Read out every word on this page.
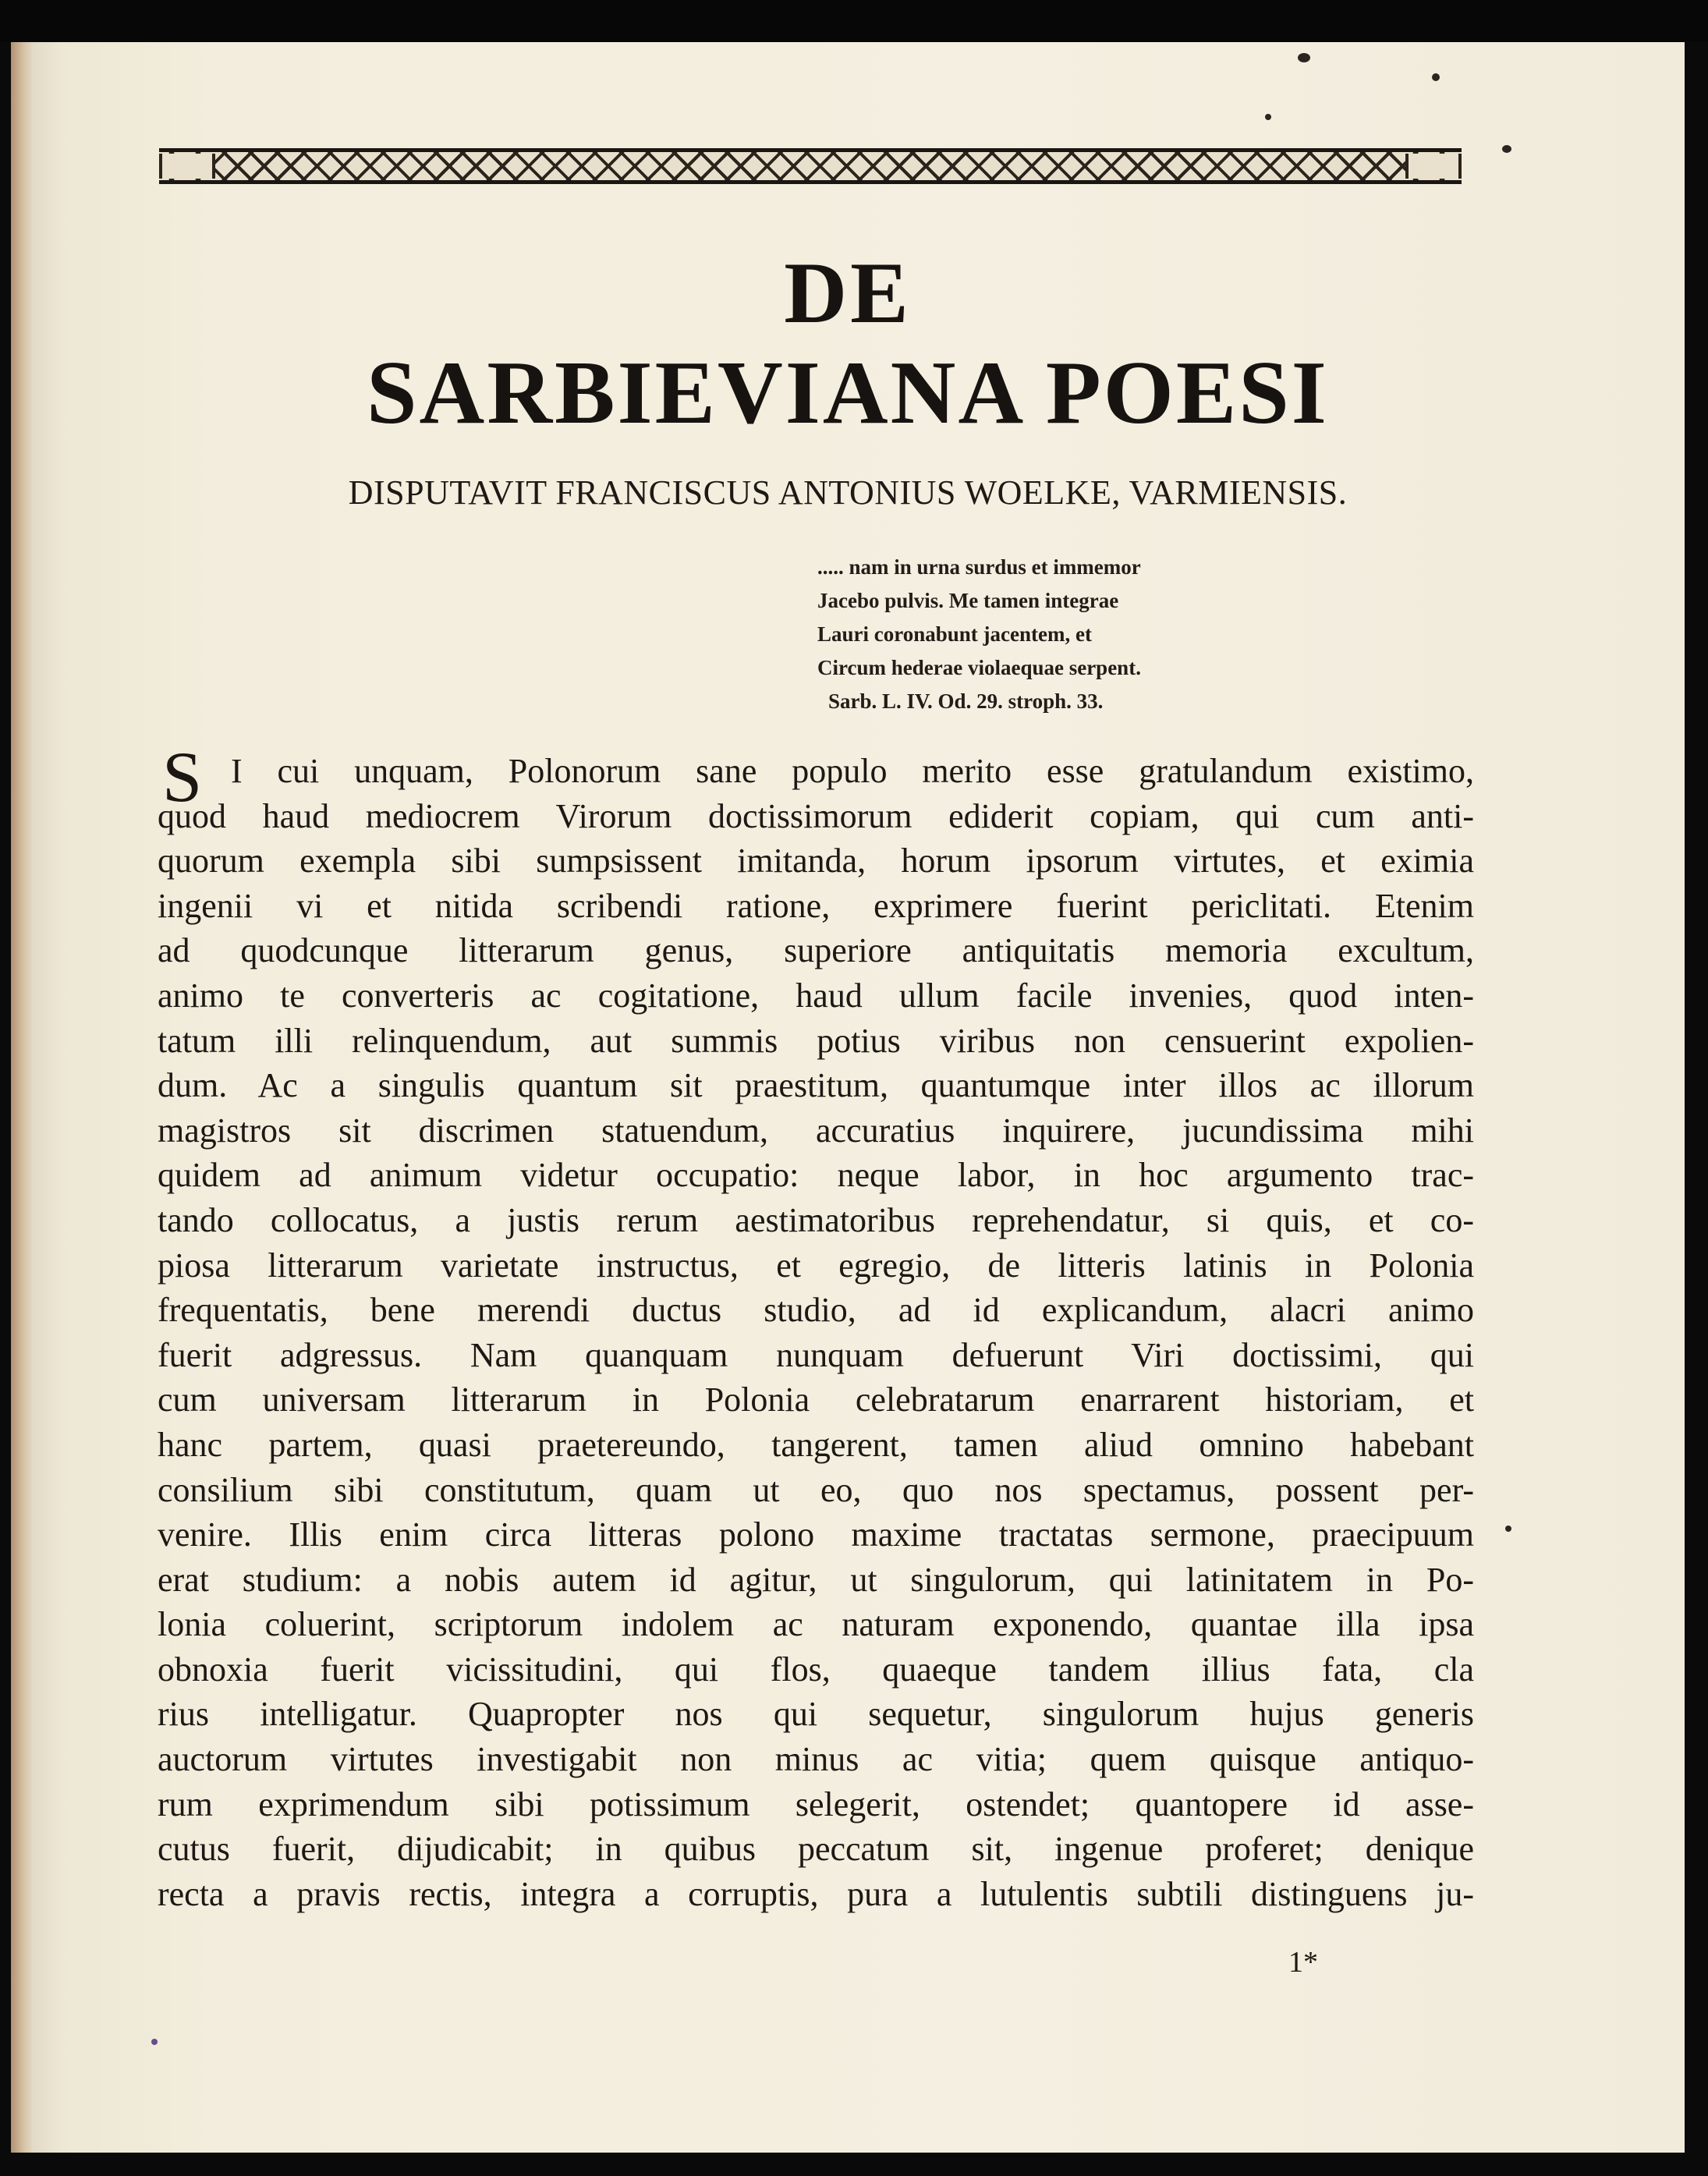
DE
SARBIEVIANA POESI
DISPUTAVIT FRANCISCUS ANTONIUS WOELKE, VARMIENSIS.
..... nam in urna surdus et immemor
Jacebo pulvis. Me tamen integrae
Lauri coronabunt jacentem, et
Circum hederae violaequae serpent.
Sarb. L. IV. Od. 29. stroph. 33.
S I cui unquam, Polonorum sane populo merito esse gratulandum existimo,
quod haud mediocrem Virorum doctissimorum ediderit copiam, qui cum anti-
quorum exempla sibi sumpsissent imitanda, horum ipsorum virtutes, et eximia
ingenii vi et nitida scribendi ratione, exprimere fuerint periclitati. Etenim
ad quodcunque litterarum genus, superiore antiquitatis memoria excultum,
animo te converteris ac cogitatione, haud ullum facile invenies, quod inten-
tatum illi relinquendum, aut summis potius viribus non censuerint expolien-
dum. Ac a singulis quantum sit praestitum, quantumque inter illos ac illorum
magistros sit discrimen statuendum, accuratius inquirere, jucundissima mihi
quidem ad animum videtur occupatio: neque labor, in hoc argumento trac-
tando collocatus, a justis rerum aestimatoribus reprehendatur, si quis, et co-
piosa litterarum varietate instructus, et egregio, de litteris latinis in Polonia
frequentatis, bene merendi ductus studio, ad id explicandum, alacri animo
fuerit adgressus. Nam quanquam nunquam defuerunt Viri doctissimi, qui
cum universam litterarum in Polonia celebratarum enarrarent historiam, et
hanc partem, quasi praetereundo, tangerent, tamen aliud omnino habebant
consilium sibi constitutum, quam ut eo, quo nos spectamus, possent per-
venire. Illis enim circa litteras polono maxime tractatas sermone, praecipuum
erat studium: a nobis autem id agitur, ut singulorum, qui latinitatem in Po-
lonia coluerint, scriptorum indolem ac naturam exponendo, quantae illa ipsa
obnoxia fuerit vicissitudini, qui flos, quaeque tandem illius fata, cla
rius intelligatur. Quapropter nos qui sequetur, singulorum hujus generis
auctorum virtutes investigabit non minus ac vitia; quem quisque antiquo-
rum exprimendum sibi potissimum selegerit, ostendet; quantopere id asse-
cutus fuerit, dijudicabit; in quibus peccatum sit, ingenue proferet; denique
recta a pravis rectis, integra a corruptis, pura a lutulentis subtili distinguens ju-
1*
